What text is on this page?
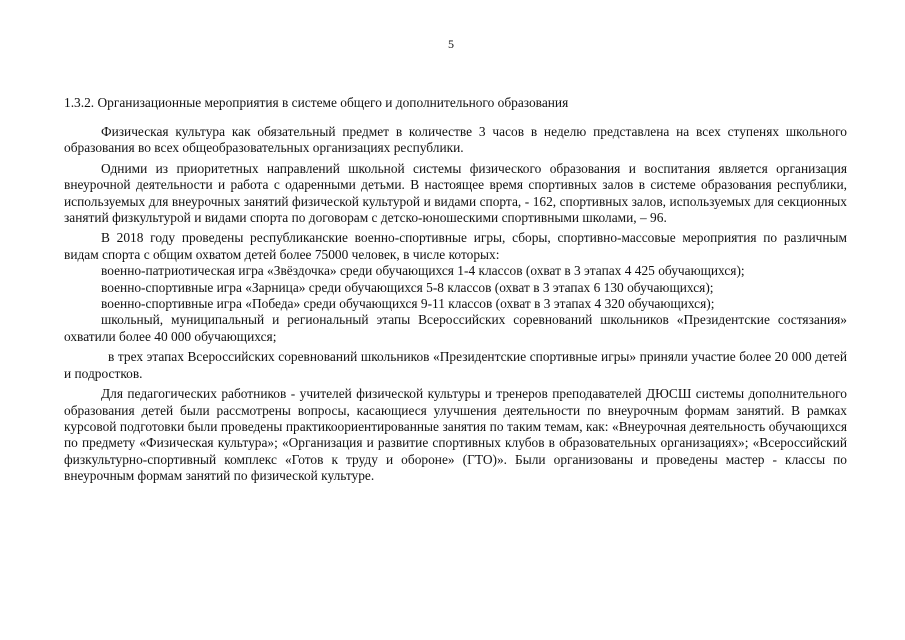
5
1.3.2. Организационные мероприятия в системе общего и дополнительного образования

Физическая культура как обязательный предмет в количестве 3 часов в неделю представлена на всех ступенях школьного образования во всех общеобразовательных организациях республики.

Одними из приоритетных направлений школьной системы физического образования и воспитания является организация внеурочной деятельности и работа с одаренными детьми. В настоящее время спортивных залов в системе образования республики, используемых для внеурочных занятий физической культурой и видами спорта, - 162, спортивных залов, используемых для секционных занятий физкультурой и видами спорта по договорам с детско-юношескими спортивными школами, – 96.

В 2018 году проведены республиканские военно-спортивные игры, сборы, спортивно-массовые мероприятия по различным видам спорта с общим охватом детей более 75000 человек, в числе которых:

военно-патриотическая игра «Звёздочка» среди обучающихся 1-4 классов (охват в 3 этапах 4 425 обучающихся);

военно-спортивные игра «Зарница» среди обучающихся 5-8 классов (охват в 3 этапах 6 130 обучающихся);

военно-спортивные игра «Победа» среди обучающихся 9-11 классов (охват в 3 этапах 4 320 обучающихся);

школьный, муниципальный и региональный этапы Всероссийских соревнований школьников «Президентские состязания» охватили более 40 000 обучающихся;

в трех этапах Всероссийских соревнований школьников «Президентские спортивные игры» приняли участие более 20 000 детей и подростков.

Для педагогических работников - учителей физической культуры и тренеров преподавателей ДЮСШ системы дополнительного образования детей были рассмотрены вопросы, касающиеся улучшения деятельности по внеурочным формам занятий. В рамках курсовой подготовки были проведены практикоориентированные занятия по таким темам, как: «Внеурочная деятельность обучающихся по предмету «Физическая культура»; «Организация и развитие спортивных клубов в образовательных организациях»; «Всероссийский физкультурно-спортивный комплекс «Готов к труду и обороне» (ГТО)». Были организованы и проведены мастер - классы по внеурочным формам занятий по физической культуре.
